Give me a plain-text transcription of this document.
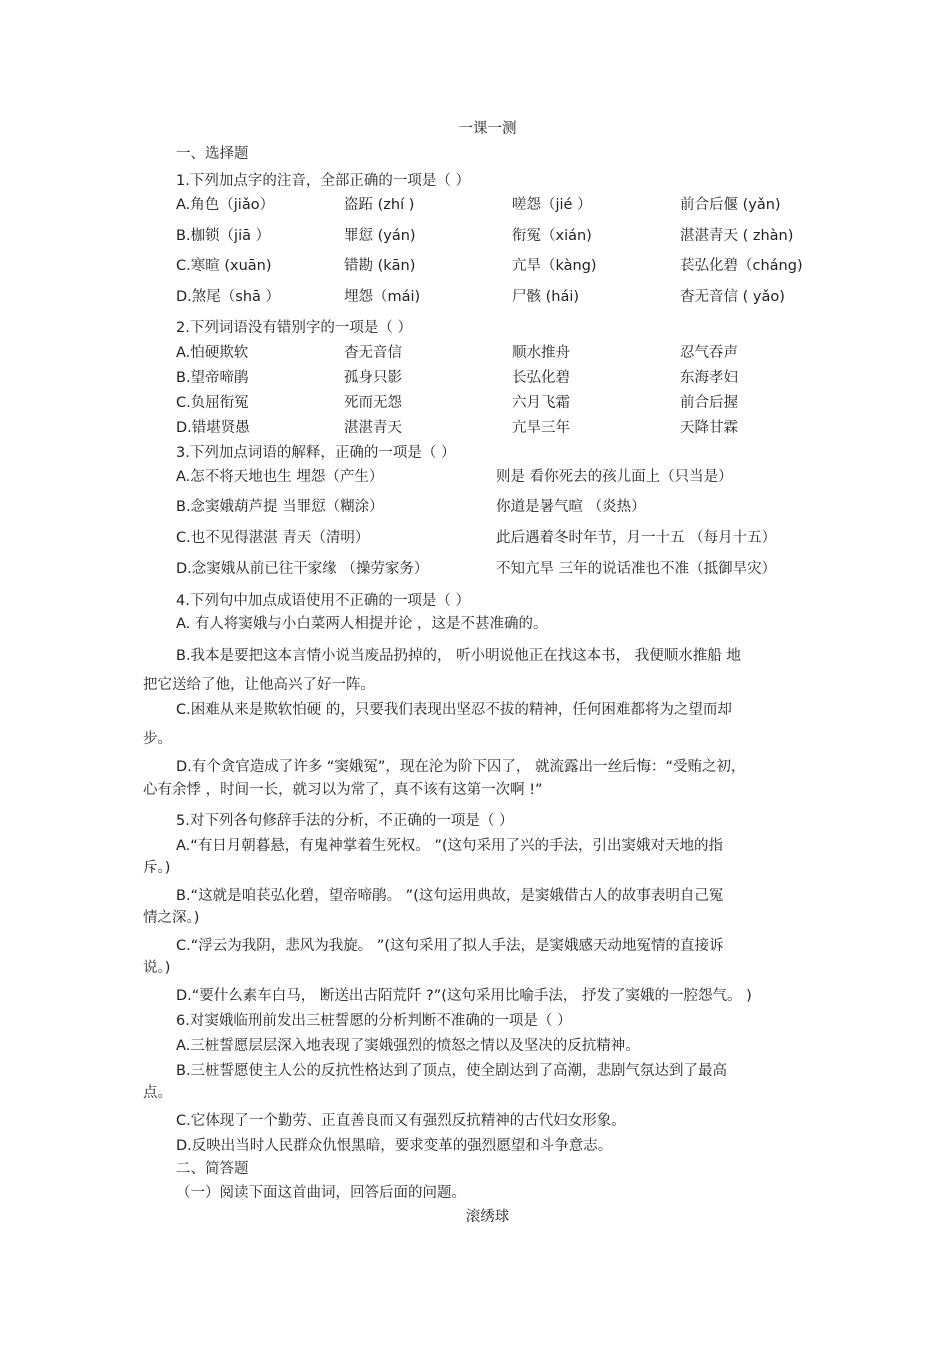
一课一测
一、选择题
1.下列加点字的注音，全部正确的一项是（ ）
A.角色（jiǎo）	盗跖 (zhí )	嗟怨（jié ）	前合后偃 (yǎn)
B.枷锁（jiā ）	罪愆 (yán)	衔冤（xián)	湛湛青天 ( zhàn)
C.寒暄 (xuān)	错勘 (kān)	亢旱（kàng)	苌弘化碧（cháng)
D.煞尾（shā ）	埋怨（mái)	尸骸 (hái)	杳无音信 ( yǎo)
2.下列词语没有错别字的一项是（ ）
A.怕硬欺软	杳无音信	顺水推舟	忍气吞声
B.望帝啼鹃	孤身只影	长弘化碧	东海孝妇
C.负屈衔冤	死而无怨	六月飞霜	前合后握
D.错堪贤愚	湛湛青天	亢旱三年	天降甘霖
3.下列加点词语的解释，正确的一项是（ ）
A.怎不将天地也生 埋怨（产生）	则是 看你死去的孩儿面上（只当是）
B.念窦娥葫芦提 当罪愆（糊涂）	你道是暑气暄 （炎热）
C.也不见得湛湛 青天（清明）	此后遇着冬时年节，月一十五 （每月十五）
D.念窦娥从前已往干家缘 （操劳家务）	不知亢旱 三年的说话准也不准（抵御旱灾）
4.下列句中加点成语使用不正确的一项是（ ）
A. 有人将窦娥与小白菜两人相提并论 ，这是不甚准确的。
B.我本是要把这本言情小说当废品扔掉的， 听小明说他正在找这本书， 我便顺水推船 地
把它送给了他，让他高兴了好一阵。
C.困难从来是欺软怕硬 的，只要我们表现出坚忍不拔的精神，任何困难都将为之望而却
步。
D.有个贪官造成了许多 “窦娥冤”，现在沦为阶下囚了， 就流露出一丝后悔：“受贿之初，
心有余悸 ，时间一长，就习以为常了，真不该有这第一次啊 !”
5.对下列各句修辞手法的分析，不正确的一项是（ ）
A.“有日月朝暮悬，有鬼神掌着生死权。 ”(这句采用了兴的手法，引出窦娥对天地的指
斥。)
B.“这就是咱苌弘化碧，望帝啼鹃。 ”(这句运用典故，是窦娥借古人的故事表明自己冤
情之深。)
C.“浮云为我阴，悲风为我旋。 ”(这句采用了拟人手法，是窦娥感天动地冤情的直接诉
说。)
D.“要什么素车白马， 断送出古陌荒阡 ?”(这句采用比喻手法， 抒发了窦娥的一腔怨气。 )
6.对窦娥临刑前发出三桩誓愿的分析判断不准确的一项是（ ）
A.三桩誓愿层层深入地表现了窦娥强烈的愤怒之情以及坚决的反抗精神。
B.三桩誓愿使主人公的反抗性格达到了顶点，使全剧达到了高潮，悲剧气氛达到了最高
点。
C.它体现了一个勤劳、正直善良而又有强烈反抗精神的古代妇女形象。
D.反映出当时人民群众仇恨黑暗，要求变革的强烈愿望和斗争意志。
二、简答题
（一）阅读下面这首曲词，回答后面的问题。
滚绣球
